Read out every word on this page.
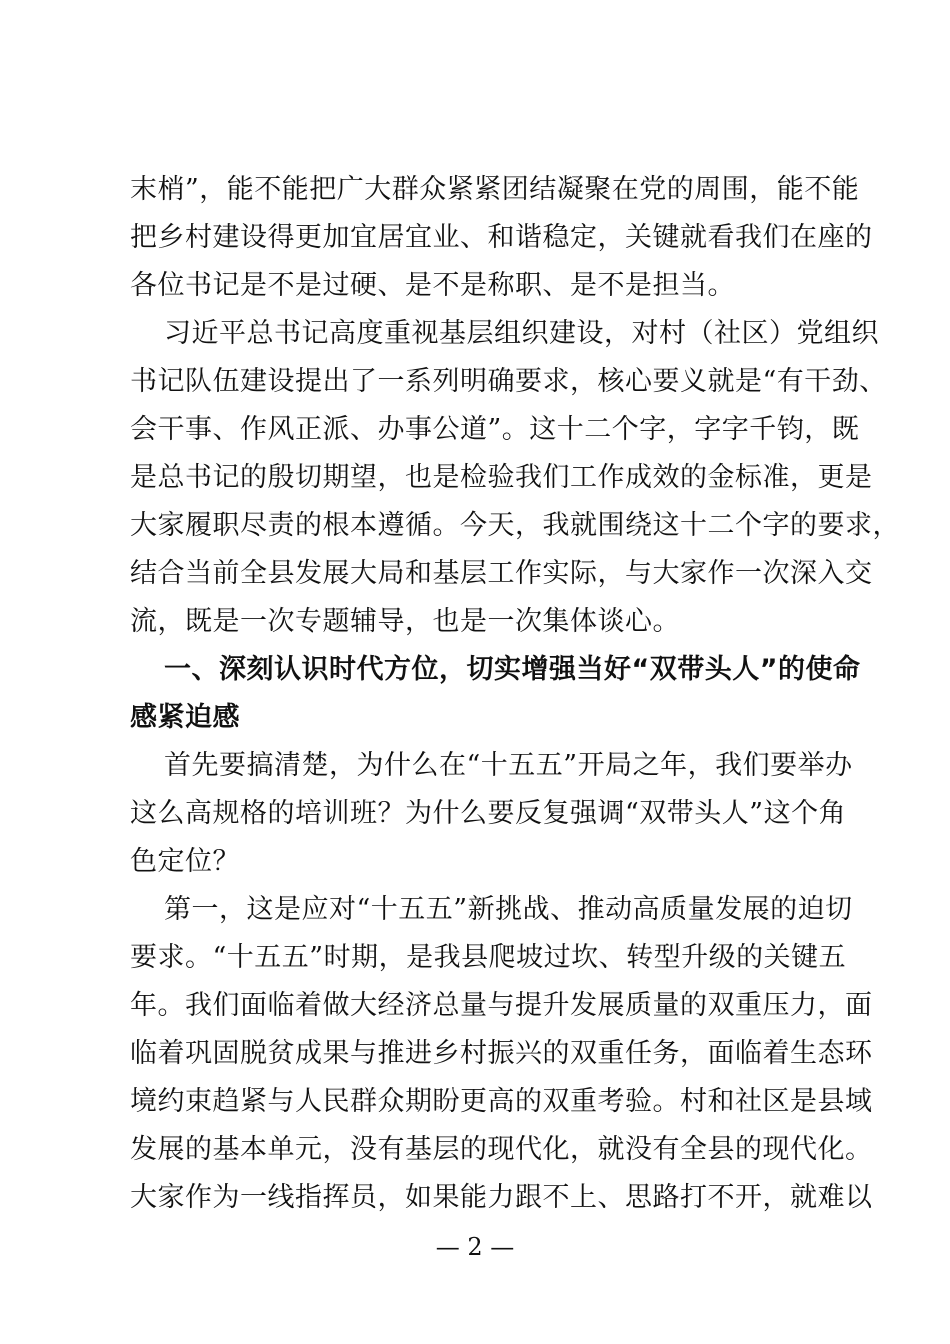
末梢”，能不能把广大群众紧紧团结凝聚在党的周围，能不能
把乡村建设得更加宜居宜业、和谐稳定，关键就看我们在座的
各位书记是不是过硬、是不是称职、是不是担当。
习近平总书记高度重视基层组织建设，对村（社区）党组织
书记队伍建设提出了一系列明确要求，核心要义就是“有干劲、
会干事、作风正派、办事公道”。这十二个字，字字千钧，既
是总书记的殷切期望，也是检验我们工作成效的金标准，更是
大家履职尽责的根本遵循。今天，我就围绕这十二个字的要求，
结合当前全县发展大局和基层工作实际，与大家作一次深入交
流，既是一次专题辅导，也是一次集体谈心。
一、深刻认识时代方位，切实增强当好“双带头人”的使命
感紧迫感
首先要搞清楚，为什么在“十五五”开局之年，我们要举办
这么高规格的培训班？为什么要反复强调“双带头人”这个角
色定位？
第一，这是应对“十五五”新挑战、推动高质量发展的迫切
要求。“十五五”时期，是我县爬坡过坎、转型升级的关键五
年。我们面临着做大经济总量与提升发展质量的双重压力，面
临着巩固脱贫成果与推进乡村振兴的双重任务，面临着生态环
境约束趋紧与人民群众期盼更高的双重考验。村和社区是县域
发展的基本单元，没有基层的现代化，就没有全县的现代化。
大家作为一线指挥员，如果能力跟不上、思路打不开，就难以
— 2 —
